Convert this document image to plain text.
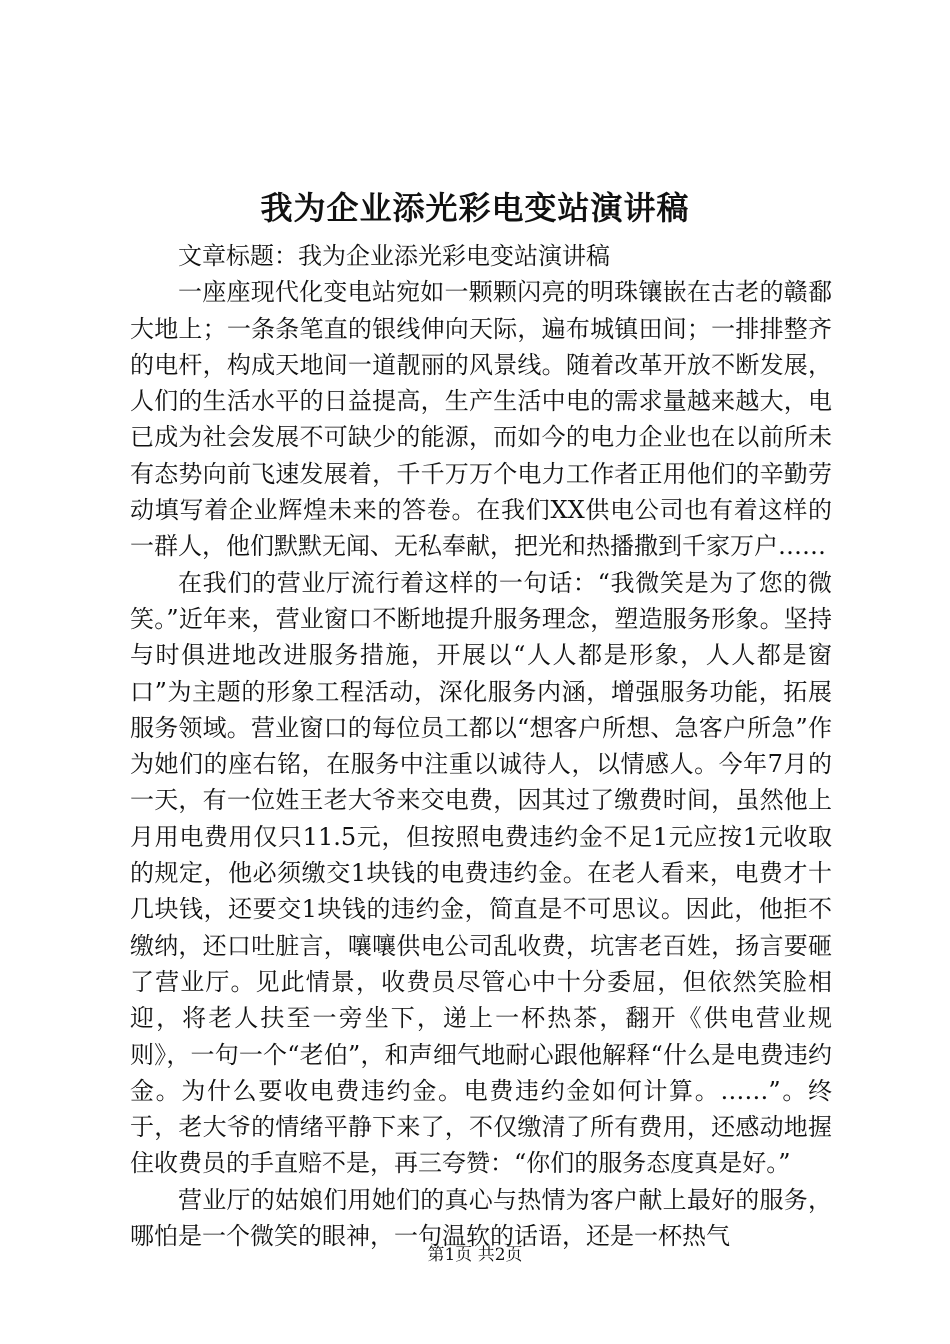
我为企业添光彩电变站演讲稿

文章标题：我为企业添光彩电变站演讲稿

一座座现代化变电站宛如一颗颗闪亮的明珠镶嵌在古老的赣鄱大地上；一条条笔直的银线伸向天际，遍布城镇田间；一排排整齐的电杆，构成天地间一道靓丽的风景线。随着改革开放不断发展，人们的生活水平的日益提高，生产生活中电的需求量越来越大，电已成为社会发展不可缺少的能源，而如今的电力企业也在以前所未有态势向前飞速发展着，千千万万个电力工作者正用他们的辛勤劳动填写着企业辉煌未来的答卷。在我们XX供电公司也有着这样的一群人，他们默默无闻、无私奉献，把光和热播撒到千家万户……

在我们的营业厅流行着这样的一句话：“我微笑是为了您的微笑。”近年来，营业窗口不断地提升服务理念，塑造服务形象。坚持与时俱进地改进服务措施，开展以“人人都是形象，人人都是窗口”为主题的形象工程活动，深化服务内涵，增强服务功能，拓展服务领域。营业窗口的每位员工都以“想客户所想、急客户所急”作为她们的座右铭，在服务中注重以诚待人，以情感人。今年7月的一天，有一位姓王老大爷来交电费，因其过了缴费时间，虽然他上月用电费用仅只11.5元，但按照电费违约金不足1元应按1元收取的规定，他必须缴交1块钱的电费违约金。在老人看来，电费才十几块钱，还要交1块钱的违约金，简直是不可思议。因此，他拒不缴纳，还口吐脏言，嚷嚷供电公司乱收费，坑害老百姓，扬言要砸了营业厅。见此情景，收费员尽管心中十分委屈，但依然笑脸相迎，将老人扶至一旁坐下，递上一杯热茶，翻开《供电营业规则》，一句一个“老伯”，和声细气地耐心跟他解释“什么是电费违约金。为什么要收电费违约金。电费违约金如何计算。……”。终于，老大爷的情绪平静下来了，不仅缴清了所有费用，还感动地握住收费员的手直赔不是，再三夸赞：“你们的服务态度真是好。”

营业厅的姑娘们用她们的真心与热情为客户献上最好的服务，哪怕是一个微笑的眼神，一句温软的话语，还是一杯热气

第1页 共2页
